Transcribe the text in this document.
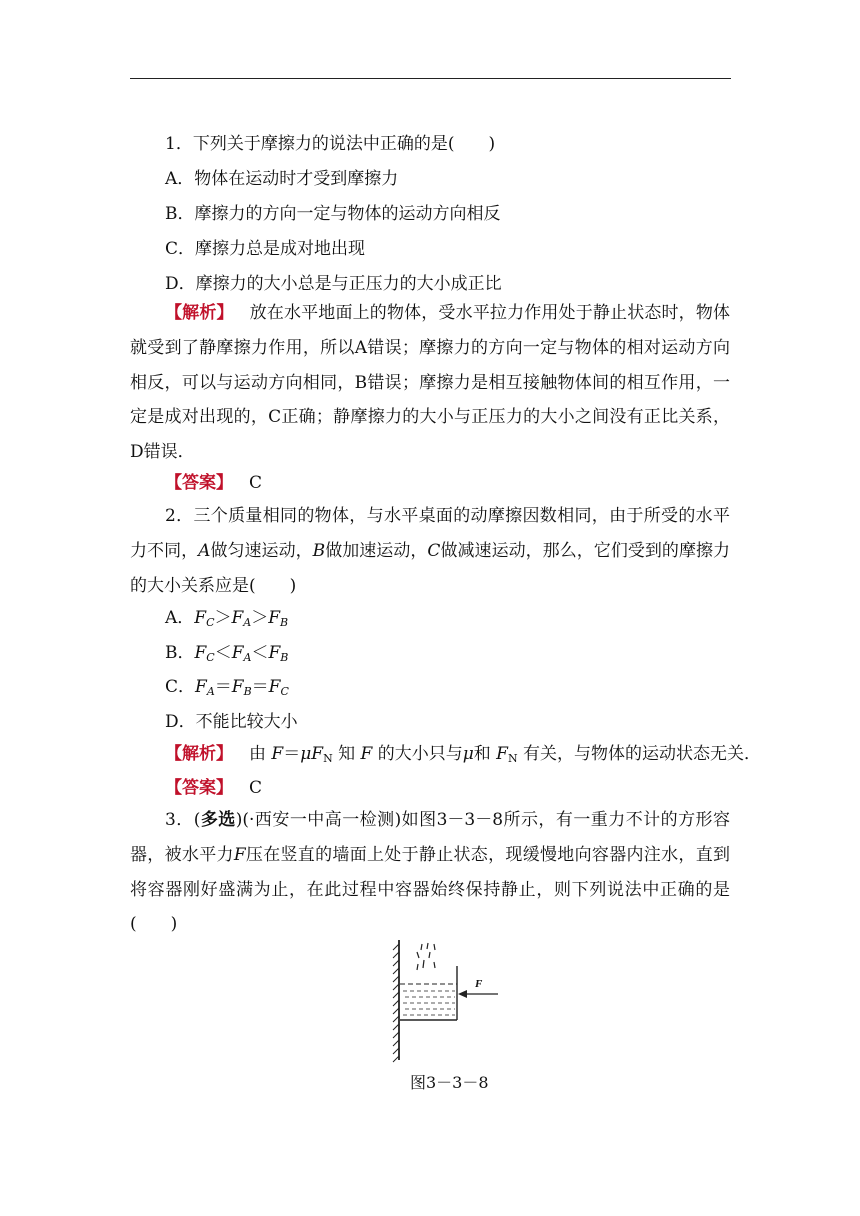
1．下列关于摩擦力的说法中正确的是(　　)
A．物体在运动时才受到摩擦力
B．摩擦力的方向一定与物体的运动方向相反
C．摩擦力总是成对地出现
D．摩擦力的大小总是与正压力的大小成正比
【解析】 放在水平地面上的物体，受水平拉力作用处于静止状态时，物体就受到了静摩擦力作用，所以A错误；摩擦力的方向一定与物体的相对运动方向相反，可以与运动方向相同，B错误；摩擦力是相互接触物体间的相互作用，一定是成对出现的，C正确；静摩擦力的大小与正压力的大小之间没有正比关系，D错误．
【答案】 C
2．三个质量相同的物体，与水平桌面的动摩擦因数相同，由于所受的水平力不同，A做匀速运动，B做加速运动，C做减速运动，那么，它们受到的摩擦力的大小关系应是(　　)
A．$F_C>F_A>F_B$
B．$F_C<F_A<F_B$
C．$F_A=F_B=F_C$
D．不能比较大小
【解析】 由 $F=\mu F_N$ 知 F 的大小只与μ和 $F_N$ 有关，与物体的运动状态无关．
【答案】 C
3．(多选)(·西安一中高一检测)如图3－3－8所示，有一重力不计的方形容器，被水平力F压在竖直的墙面上处于静止状态，现缓慢地向容器内注水，直到将容器刚好盛满为止，在此过程中容器始终保持静止，则下列说法中正确的是(　　)
F
图3－3－8
